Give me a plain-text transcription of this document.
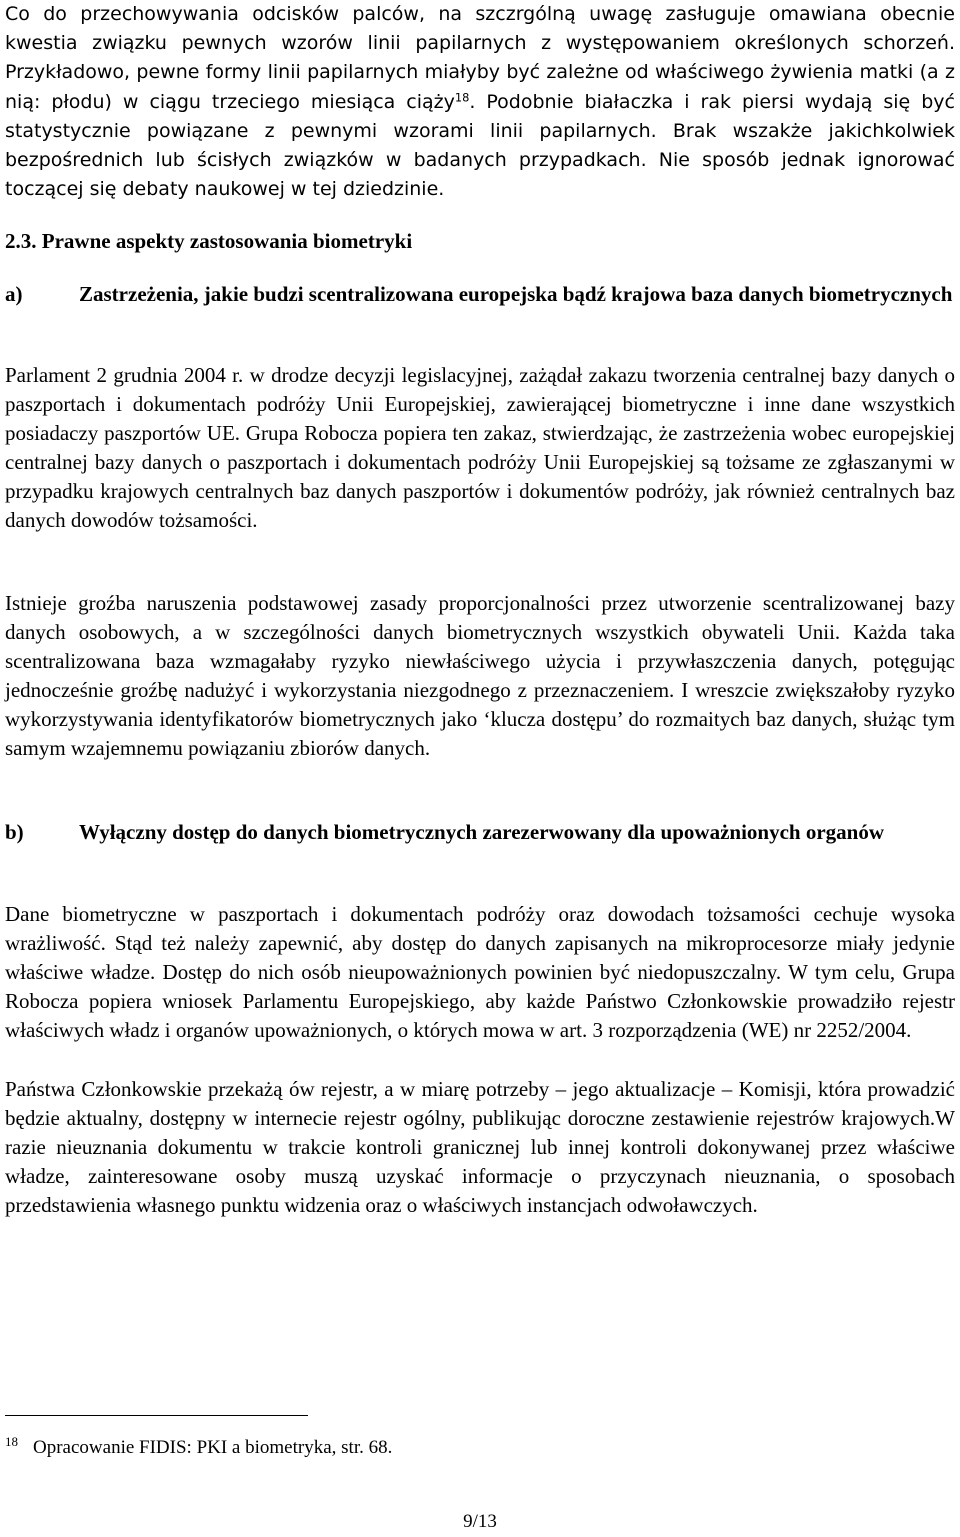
Co do przechowywania odcisków palców, na szczrgólną uwagę zasługuje omawiana obecnie kwestia związku pewnych wzorów linii papilarnych z występowaniem określonych schorzeń. Przykładowo, pewne formy linii papilarnych miałyby być zależne od właściwego żywienia matki (a z nią: płodu) w ciągu trzeciego miesiąca ciąży$^{18}$. Podobnie białaczka i rak piersi wydają się być statystycznie powiązane z pewnymi wzorami linii papilarnych. Brak wszakże jakichkolwiek bezpośrednich lub ścisłych związków w badanych przypadkach. Nie sposób jednak ignorować toczącej się debaty naukowej w tej dziedzinie.

2.3. Prawne aspekty zastosowania biometryki
a)	Zastrzeżenia, jakie budzi scentralizowana europejska bądź krajowa baza danych biometrycznych

Parlament 2 grudnia 2004 r. w drodze decyzji legislacyjnej, zażądał zakazu tworzenia centralnej bazy danych o paszportach i dokumentach podróży Unii Europejskiej, zawierającej biometryczne i inne dane wszystkich posiadaczy paszportów UE. Grupa Robocza popiera ten zakaz, stwierdzając, że zastrzeżenia wobec europejskiej centralnej bazy danych o paszportach i dokumentach podróży Unii Europejskiej są tożsame ze zgłaszanymi w przypadku krajowych centralnych baz danych paszportów i dokumentów podróży, jak również centralnych baz danych dowodów tożsamości.

Istnieje groźba naruszenia podstawowej zasady proporcjonalności przez utworzenie scentralizowanej bazy danych osobowych, a w szczególności danych biometrycznych wszystkich obywateli Unii. Każda taka scentralizowana baza wzmagałaby ryzyko niewłaściwego użycia i przywłaszczenia danych, potęgując jednocześnie groźbę nadużyć i wykorzystania niezgodnego z przeznaczeniem. I wreszcie zwiększałoby ryzyko wykorzystywania identyfikatorów biometrycznych jako ‘klucza dostępu’ do rozmaitych baz danych, służąc tym samym wzajemnemu powiązaniu zbiorów danych.

b)	Wyłączny dostęp do danych biometrycznych zarezerwowany dla upoważnionych organów

Dane biometryczne w paszportach i dokumentach podróży oraz dowodach tożsamości cechuje wysoka wrażliwość. Stąd też należy zapewnić, aby dostęp do danych zapisanych na mikroprocesorze miały jedynie właściwe władze. Dostęp do nich osób nieupoważnionych powinien być niedopuszczalny. W tym celu, Grupa Robocza popiera wniosek Parlamentu Europejskiego, aby każde Państwo Członkowskie prowadziło rejestr właściwych władz i organów upoważnionych, o których mowa w art. 3 rozporządzenia (WE) nr 2252/2004.

Państwa Członkowskie przekażą ów rejestr, a w miarę potrzeby – jego aktualizacje – Komisji, która prowadzić będzie aktualny, dostępny w internecie rejestr ogólny, publikując doroczne zestawienie rejestrów krajowych.W razie nieuznania dokumentu w trakcie kontroli granicznej lub innej kontroli dokonywanej przez właściwe władze, zainteresowane osoby muszą uzyskać informacje o przyczynach nieuznania, o sposobach przedstawienia własnego punktu widzenia oraz o właściwych instancjach odwoławczych.

18 Opracowanie FIDIS: PKI a biometryka, str. 68.

9/13
